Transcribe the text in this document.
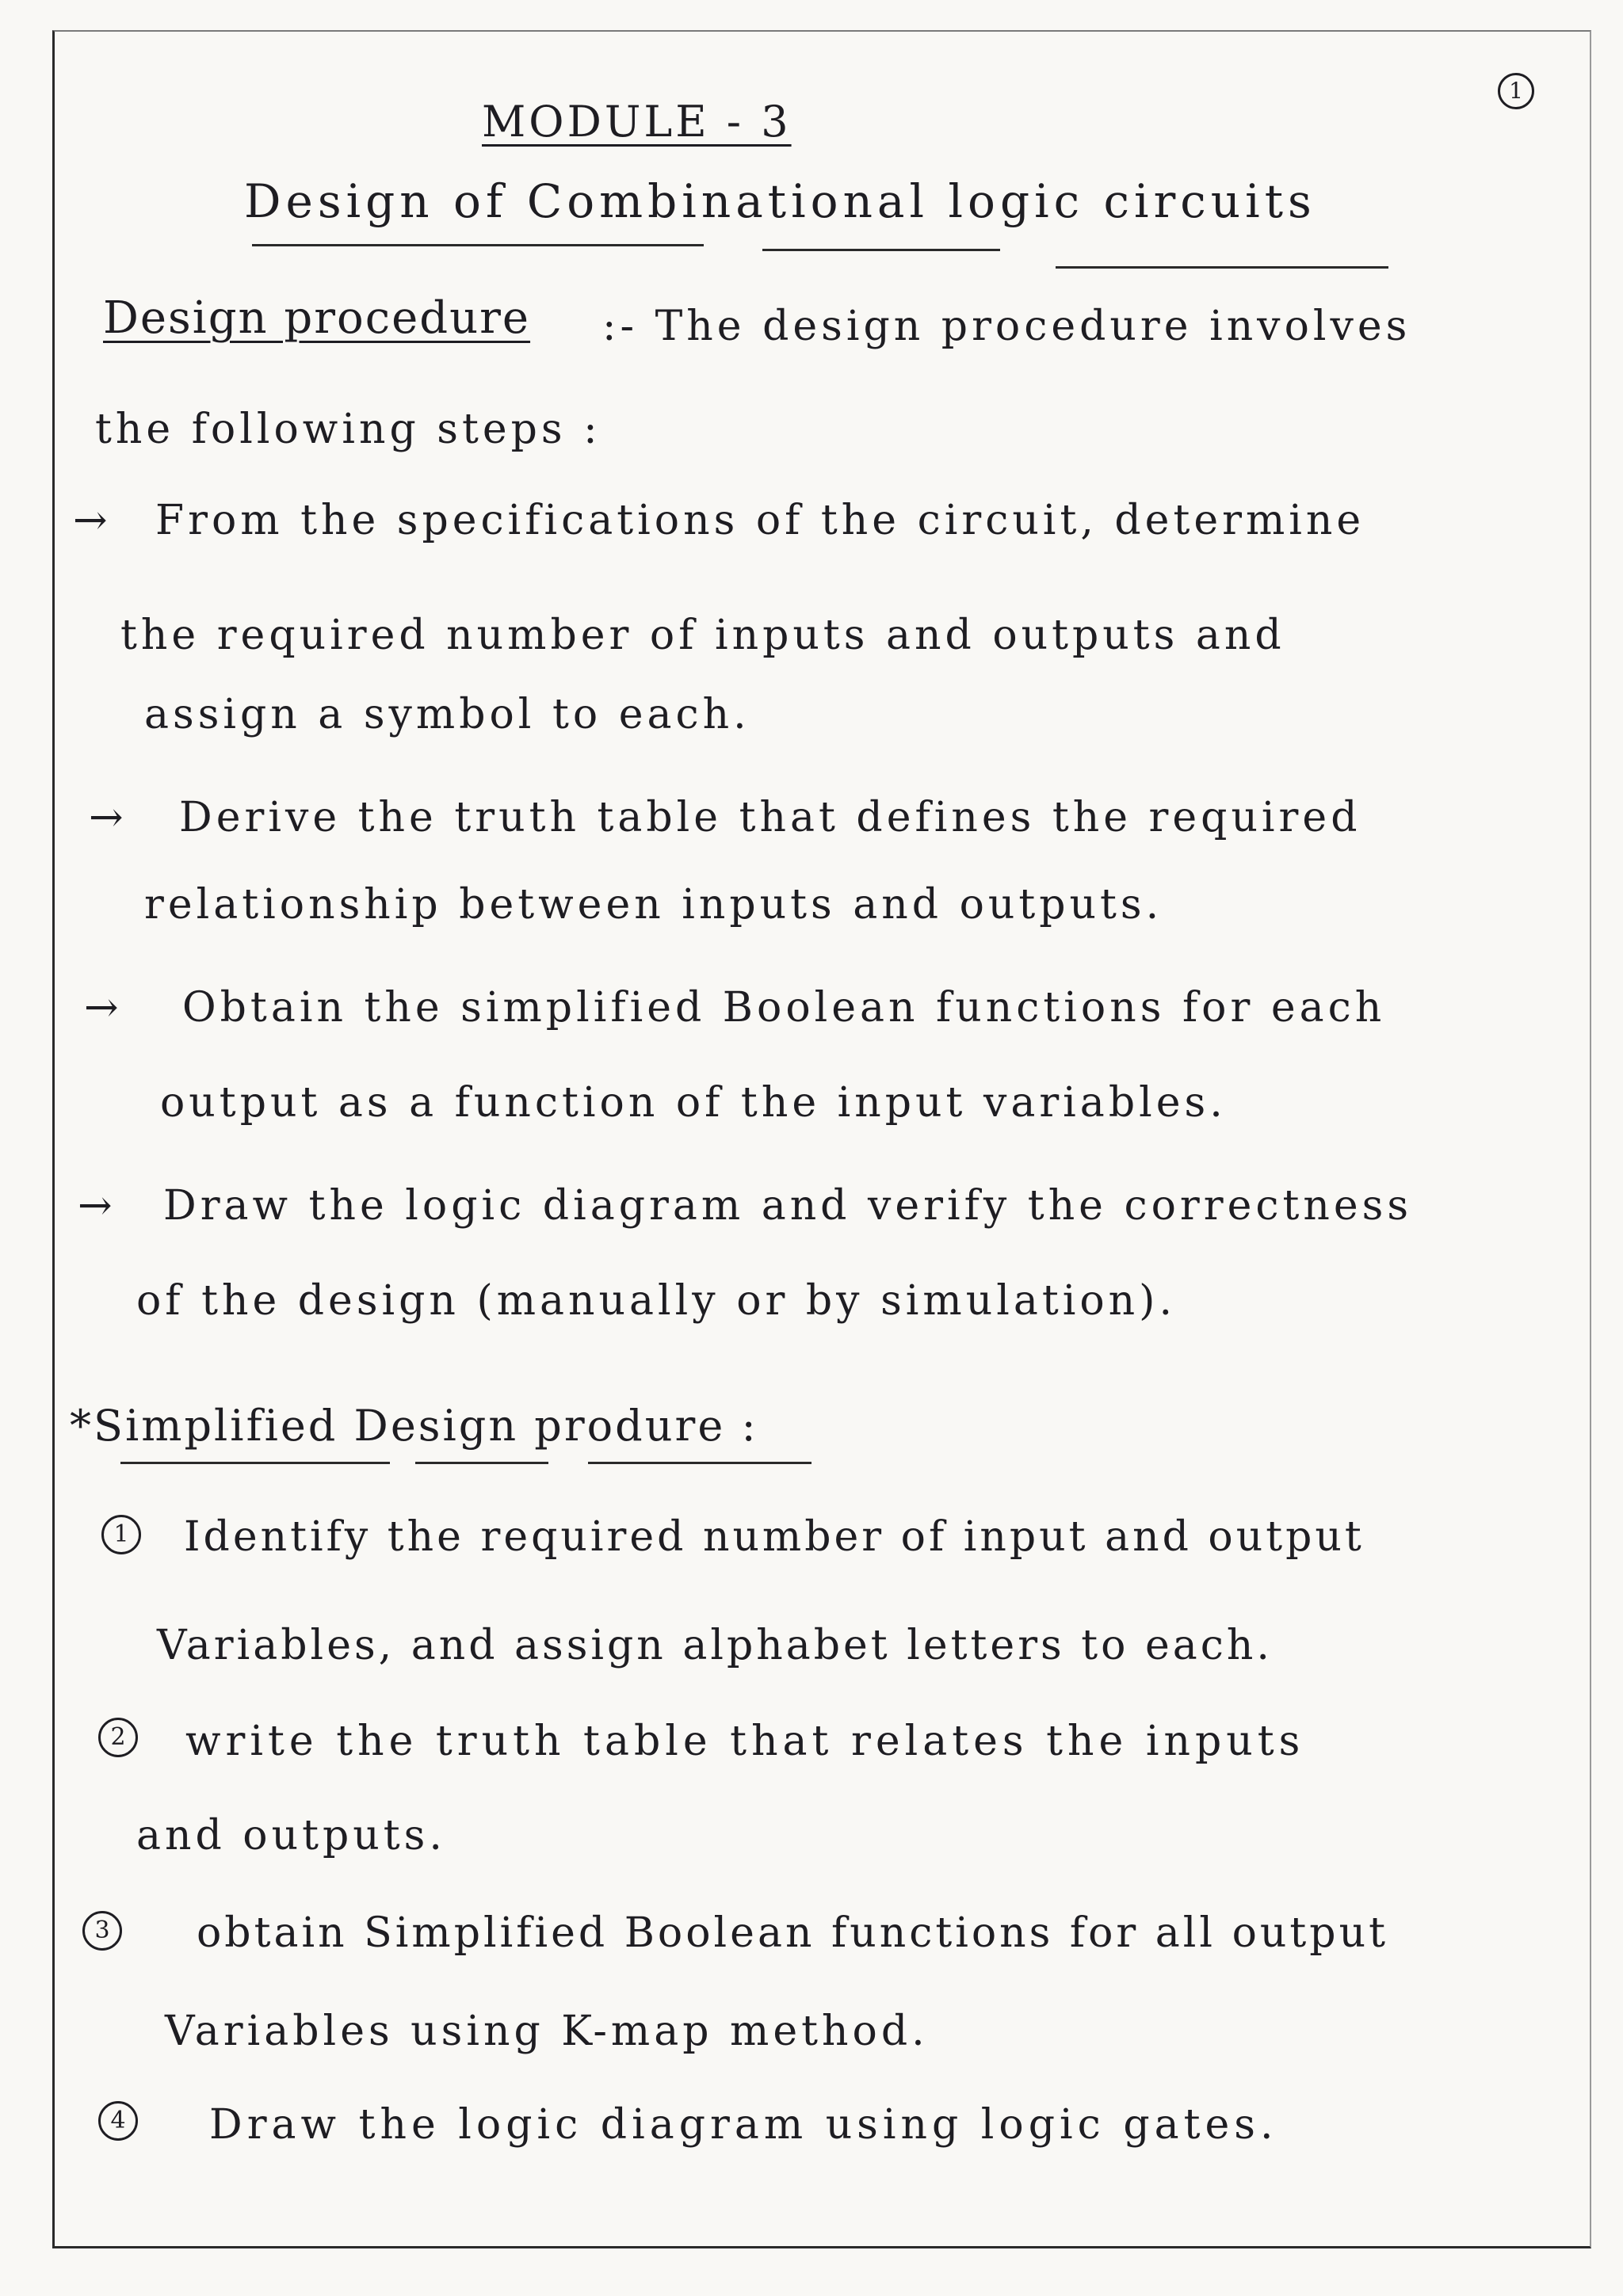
1
MODULE - 3
Design of Combinational logic circuits
Design procedure :- The design procedure involves
the following steps :
→ From the specifications of the circuit, determine
the required number of inputs and outputs and
assign a symbol to each.
→ Derive the truth table that defines the required
relationship between inputs and outputs.
→ Obtain the simplified Boolean functions for each
output as a function of the input variables.
→ Draw the logic diagram and verify the correctness
of the design (manually or by simulation).
*Simplified Design produre :
1 Identify the required number of input and output
Variables, and assign alphabet letters to each.
2 write the truth table that relates the inputs
and outputs.
3 obtain Simplified Boolean functions for all output
Variables using K-map method.
4 Draw the logic diagram using logic gates.
